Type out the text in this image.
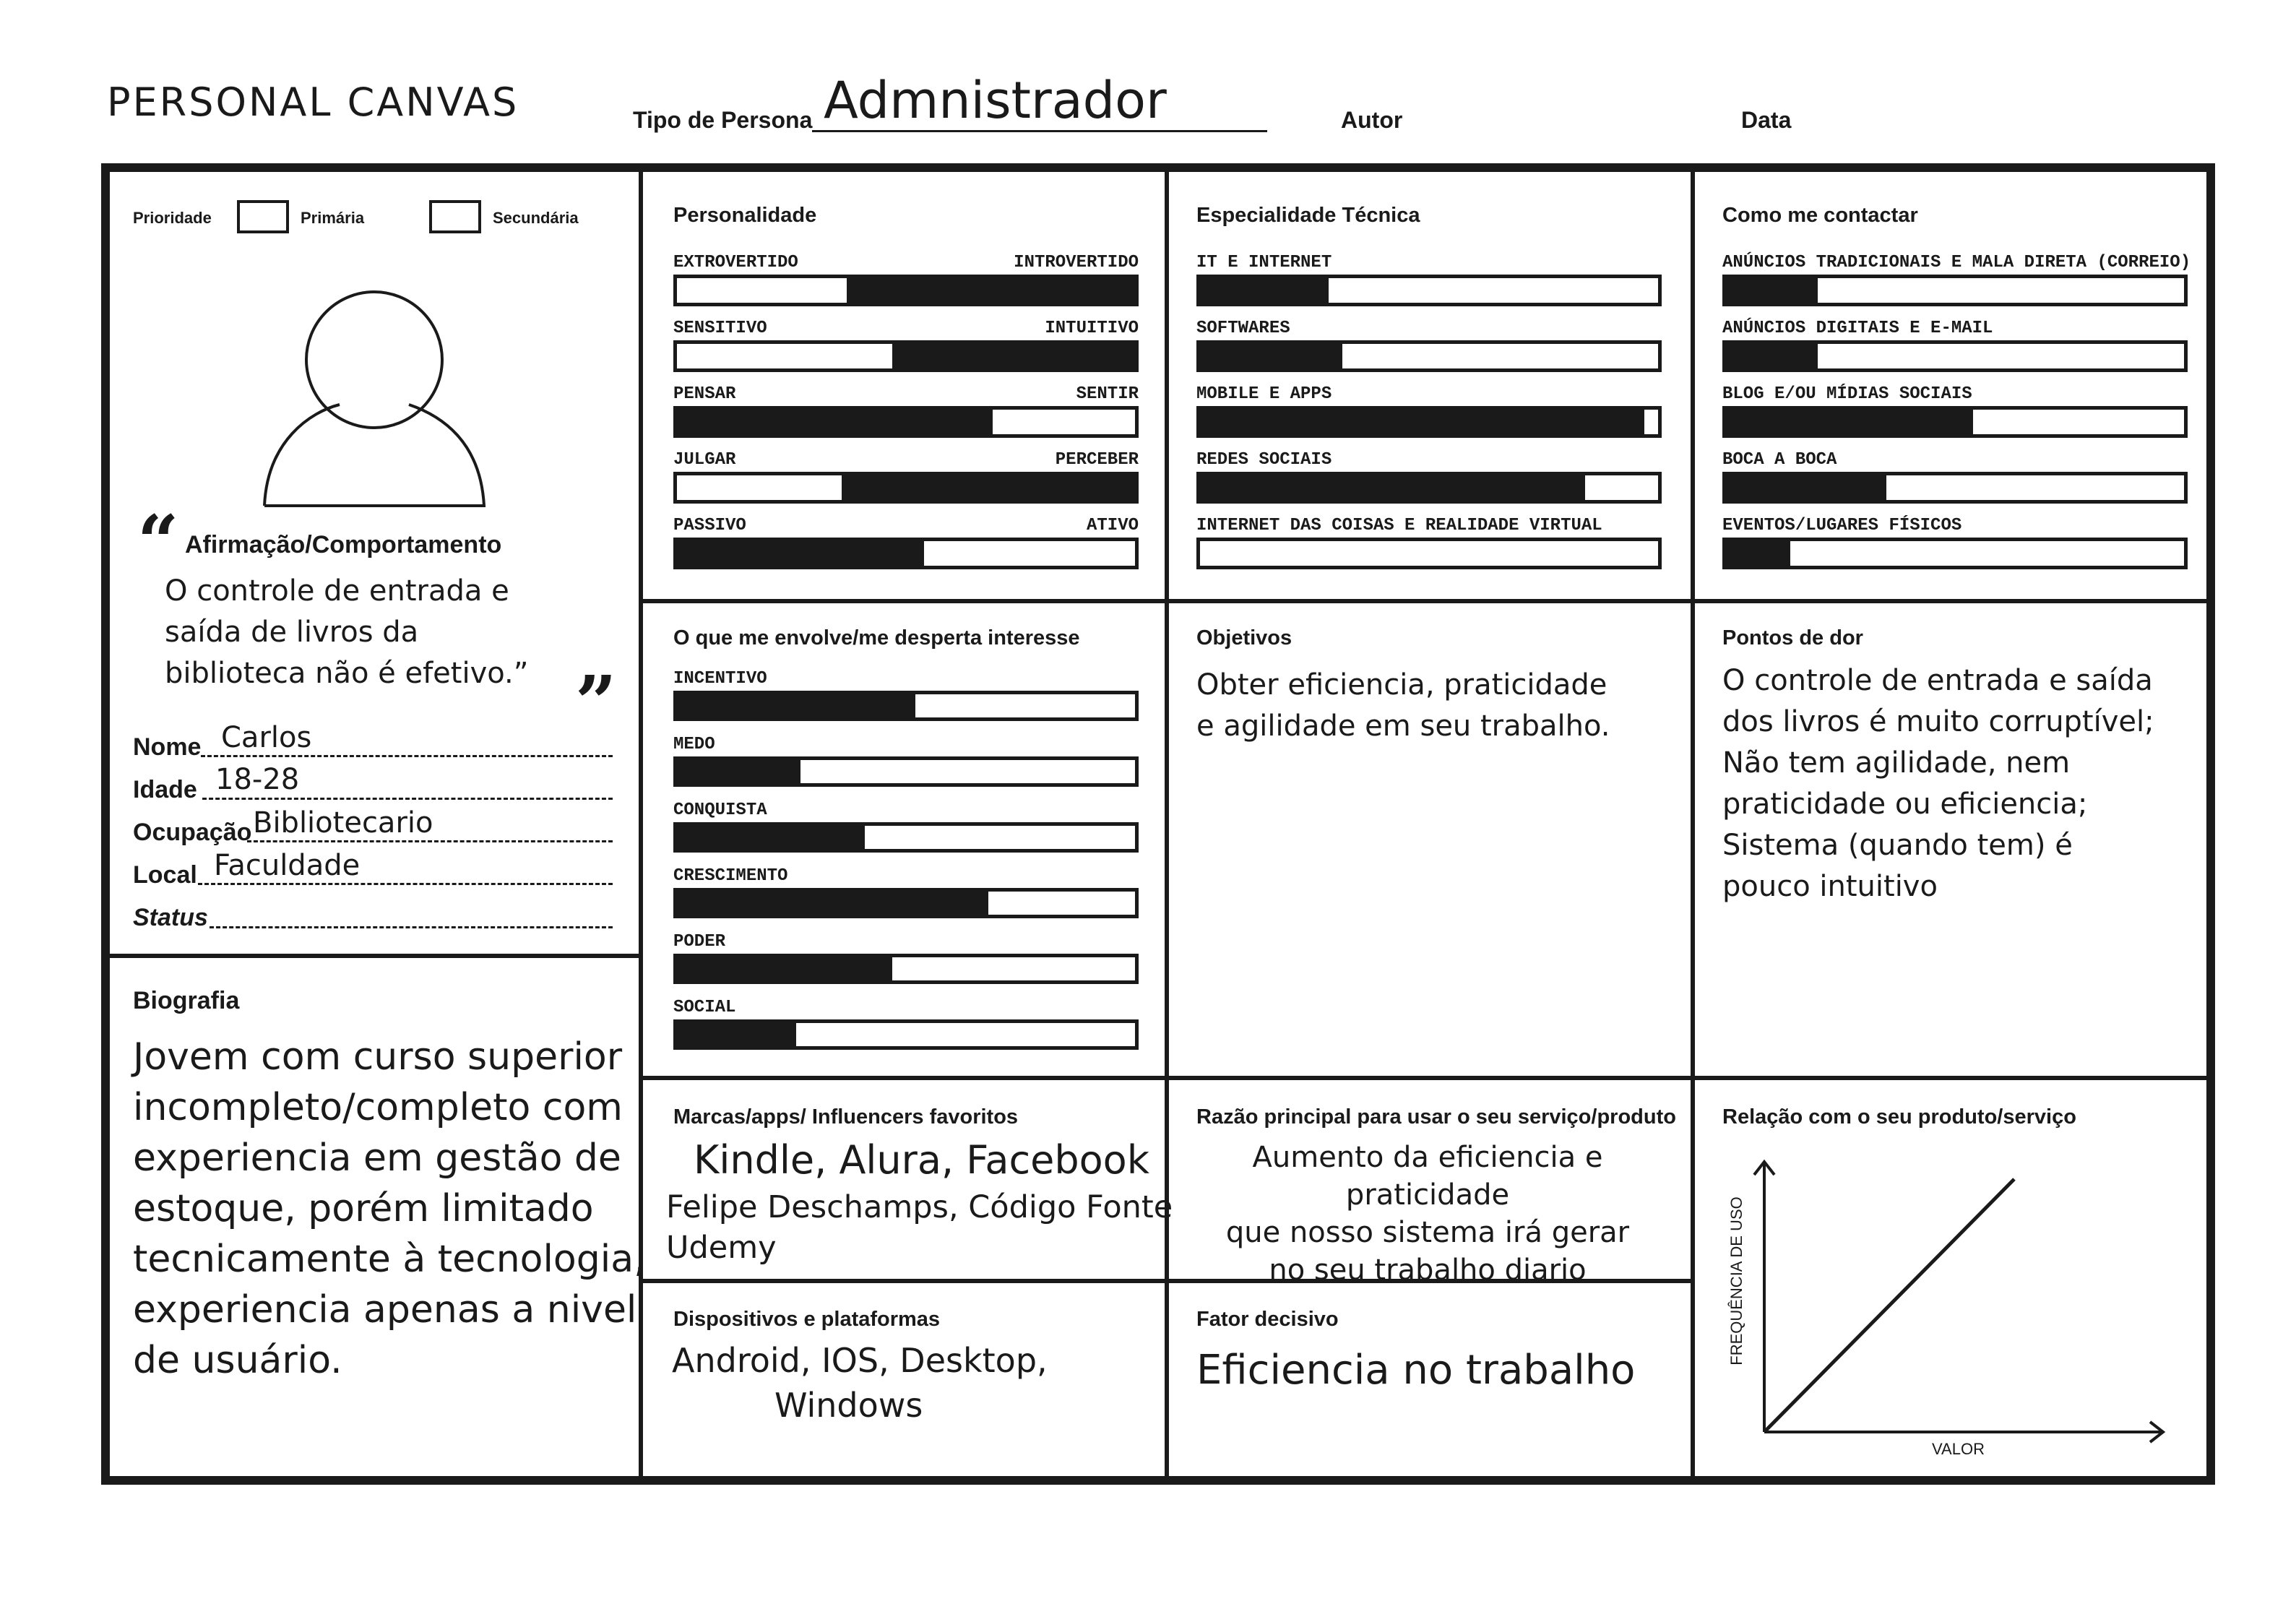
PERSONAL CANVAS	Tipo de Persona Admnistrador	Autor	Data
Prioridade	Primária	Secundária
“ Afirmação/Comportamento
O controle de entrada e
saída de livros da
biblioteca não é efetivo.” ”
Nome Carlos
Idade 18-28
Ocupação Bibliotecario
Local Faculdade
Status
Biografia
Jovem com curso superior
incompleto/completo com
experiencia em gestão de
estoque, porém limitado
tecnicamente à tecnologia,
experiencia apenas a nivel
de usuário.
Personalidade
EXTROVERTIDO	INTROVERTIDO
SENSITIVO	INTUITIVO
PENSAR	SENTIR
JULGAR	PERCEBER
PASSIVO	ATIVO
Especialidade Técnica
IT E INTERNET
SOFTWARES
MOBILE E APPS
REDES SOCIAIS
INTERNET DAS COISAS E REALIDADE VIRTUAL
Como me contactar
ANÚNCIOS TRADICIONAIS E MALA DIRETA (CORREIO)
ANÚNCIOS DIGITAIS E E-MAIL
BLOG E/OU MÍDIAS SOCIAIS
BOCA A BOCA
EVENTOS/LUGARES FÍSICOS
O que me envolve/me desperta interesse
INCENTIVO
MEDO
CONQUISTA
CRESCIMENTO
PODER
SOCIAL
Objetivos
Obter eficiencia, praticidade
e agilidade em seu trabalho.
Pontos de dor
O controle de entrada e saída
dos livros é muito corruptível;
Não tem agilidade, nem
praticidade ou eficiencia;
Sistema (quando tem) é
pouco intuitivo
Marcas/apps/ Influencers favoritos
Kindle, Alura, Facebook
Felipe Deschamps, Código Fonte
Udemy
Razão principal para usar o seu serviço/produto
Aumento da eficiencia e praticidade
que nosso sistema irá gerar
no seu trabalho diario
Relação com o seu produto/serviço
FREQUÊNCIA DE USO
VALOR
Dispositivos e plataformas
Android, IOS, Desktop,
Windows
Fator decisivo
Eficiencia no trabalho
